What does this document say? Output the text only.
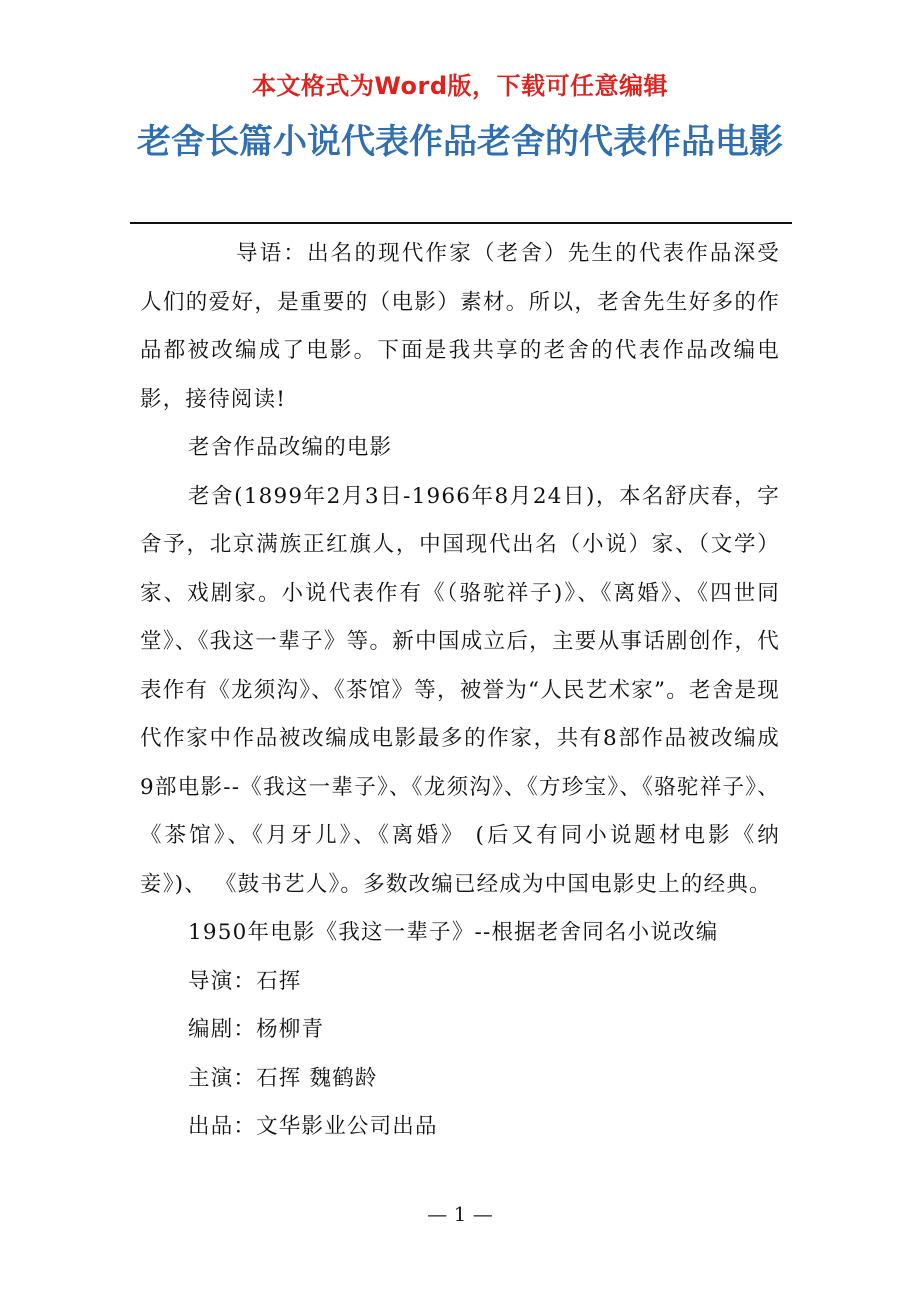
本文格式为Word版，下载可任意编辑
老舍长篇小说代表作品老舍的代表作品电影

导语：出名的现代作家（老舍）先生的代表作品深受人们的爱好，是重要的（电影）素材。所以，老舍先生好多的作品都被改编成了电影。下面是我共享的老舍的代表作品改编电影，接待阅读!

老舍作品改编的电影

老舍(1899年2月3日-1966年8月24日)，本名舒庆春，字舍予，北京满族正红旗人，中国现代出名（小说）家、（文学）家、戏剧家。小说代表作有《（骆驼祥子)》、《离婚》、《四世同堂》、《我这一辈子》等。新中国成立后，主要从事话剧创作，代表作有《龙须沟》、《茶馆》等，被誉为“人民艺术家”。老舍是现代作家中作品被改编成电影最多的作家，共有8部作品被改编成9部电影--《我这一辈子》、《龙须沟》、《方珍宝》、《骆驼祥子》、《茶馆》、《月牙儿》、《离婚》 (后又有同小说题材电影《纳妾》)、 《鼓书艺人》。多数改编已经成为中国电影史上的经典。

1950年电影《我这一辈子》--根据老舍同名小说改编

导演：石挥

编剧：杨柳青

主演：石挥 魏鹤龄

出品：文华影业公司出品

— 1 —
